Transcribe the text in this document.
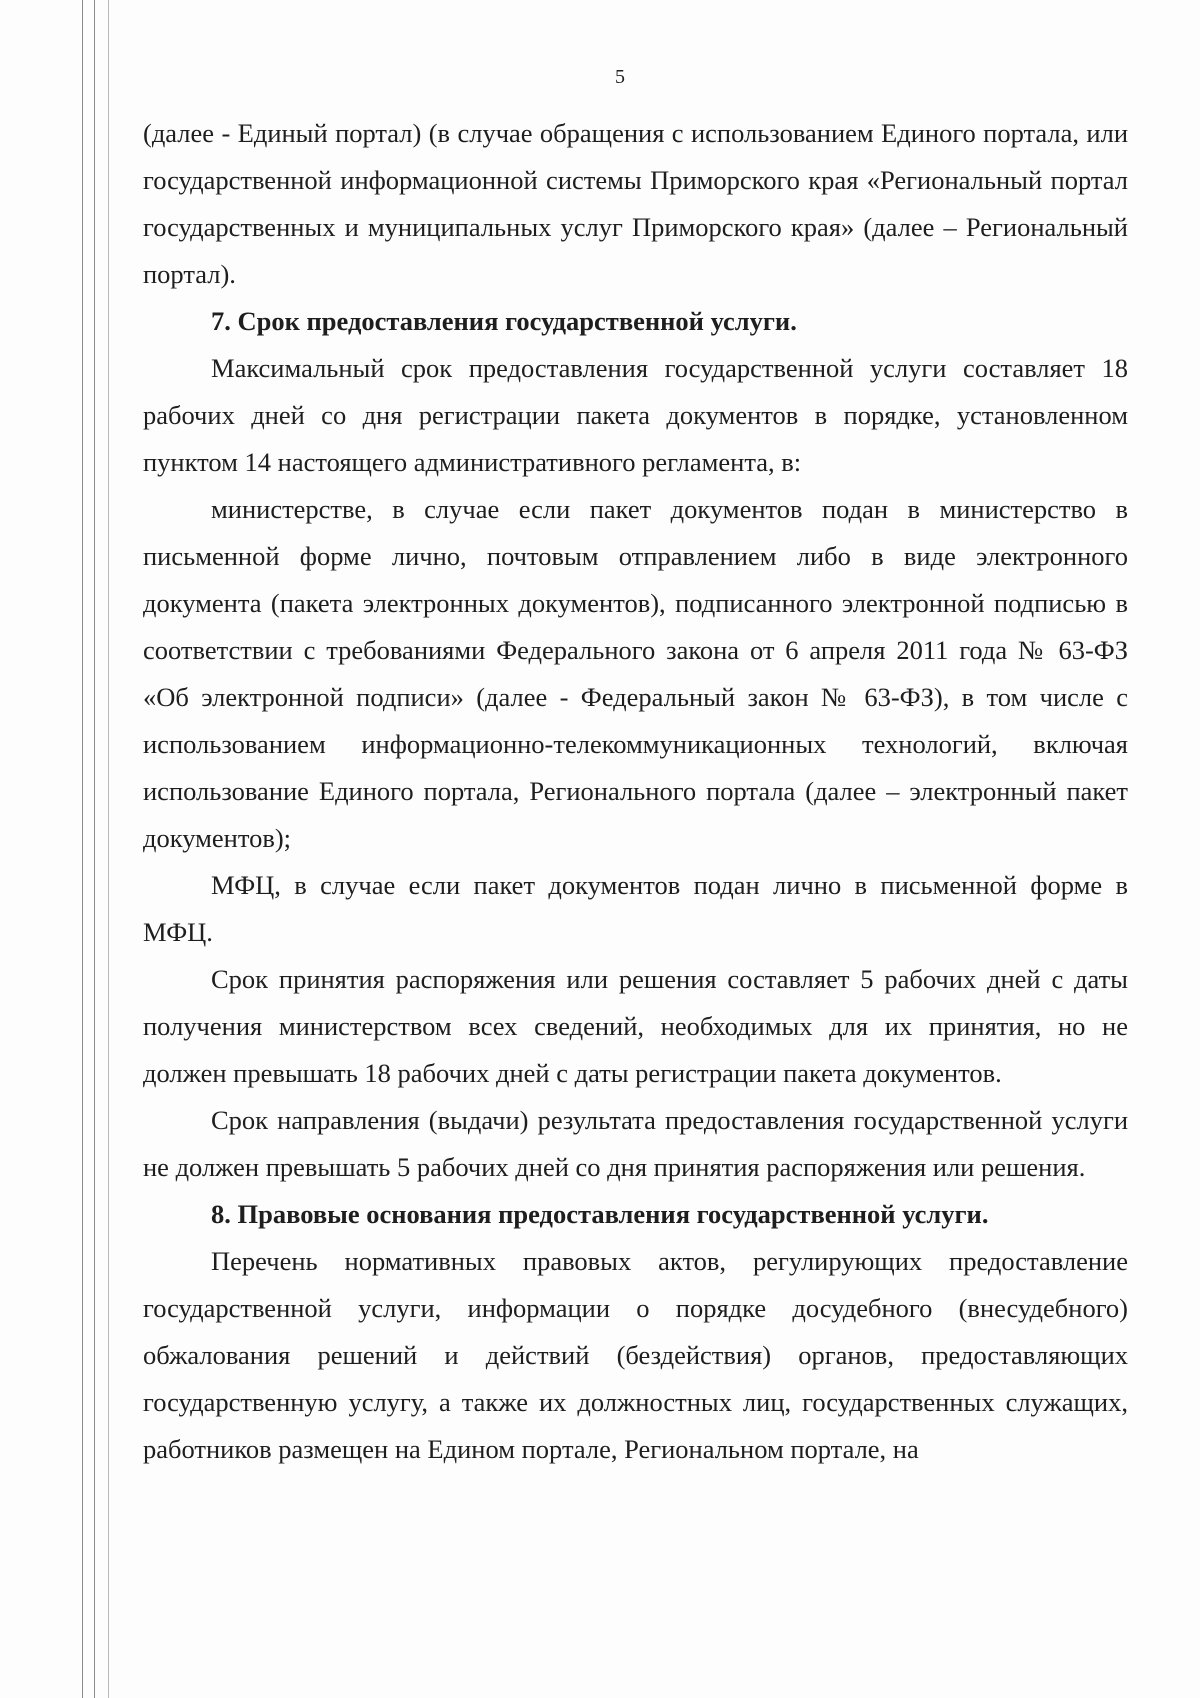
5

(далее - Единый портал) (в случае обращения с использованием Единого портала, или государственной информационной системы Приморского края «Региональный портал государственных и муниципальных услуг Приморского края» (далее – Региональный портал).

7. Срок предоставления государственной услуги.

Максимальный срок предоставления государственной услуги составляет 18 рабочих дней со дня регистрации пакета документов в порядке, установленном пунктом 14 настоящего административного регламента, в:

министерстве, в случае если пакет документов подан в министерство в письменной форме лично, почтовым отправлением либо в виде электронного документа (пакета электронных документов), подписанного электронной подписью в соответствии с требованиями Федерального закона от 6 апреля 2011 года № 63-ФЗ «Об электронной подписи» (далее - Федеральный закон № 63-ФЗ), в том числе с использованием информационно-телекоммуникационных технологий, включая использование Единого портала, Регионального портала (далее – электронный пакет документов);

МФЦ, в случае если пакет документов подан лично в письменной форме в МФЦ.

Срок принятия распоряжения или решения составляет 5 рабочих дней с даты получения министерством всех сведений, необходимых для их принятия, но не должен превышать 18 рабочих дней с даты регистрации пакета документов.

Срок направления (выдачи) результата предоставления государственной услуги не должен превышать 5 рабочих дней со дня принятия распоряжения или решения.

8. Правовые основания предоставления государственной услуги.

Перечень нормативных правовых актов, регулирующих предоставление государственной услуги, информации о порядке досудебного (внесудебного) обжалования решений и действий (бездействия) органов, предоставляющих государственную услугу, а также их должностных лиц, государственных служащих, работников размещен на Едином портале, Региональном портале, на
